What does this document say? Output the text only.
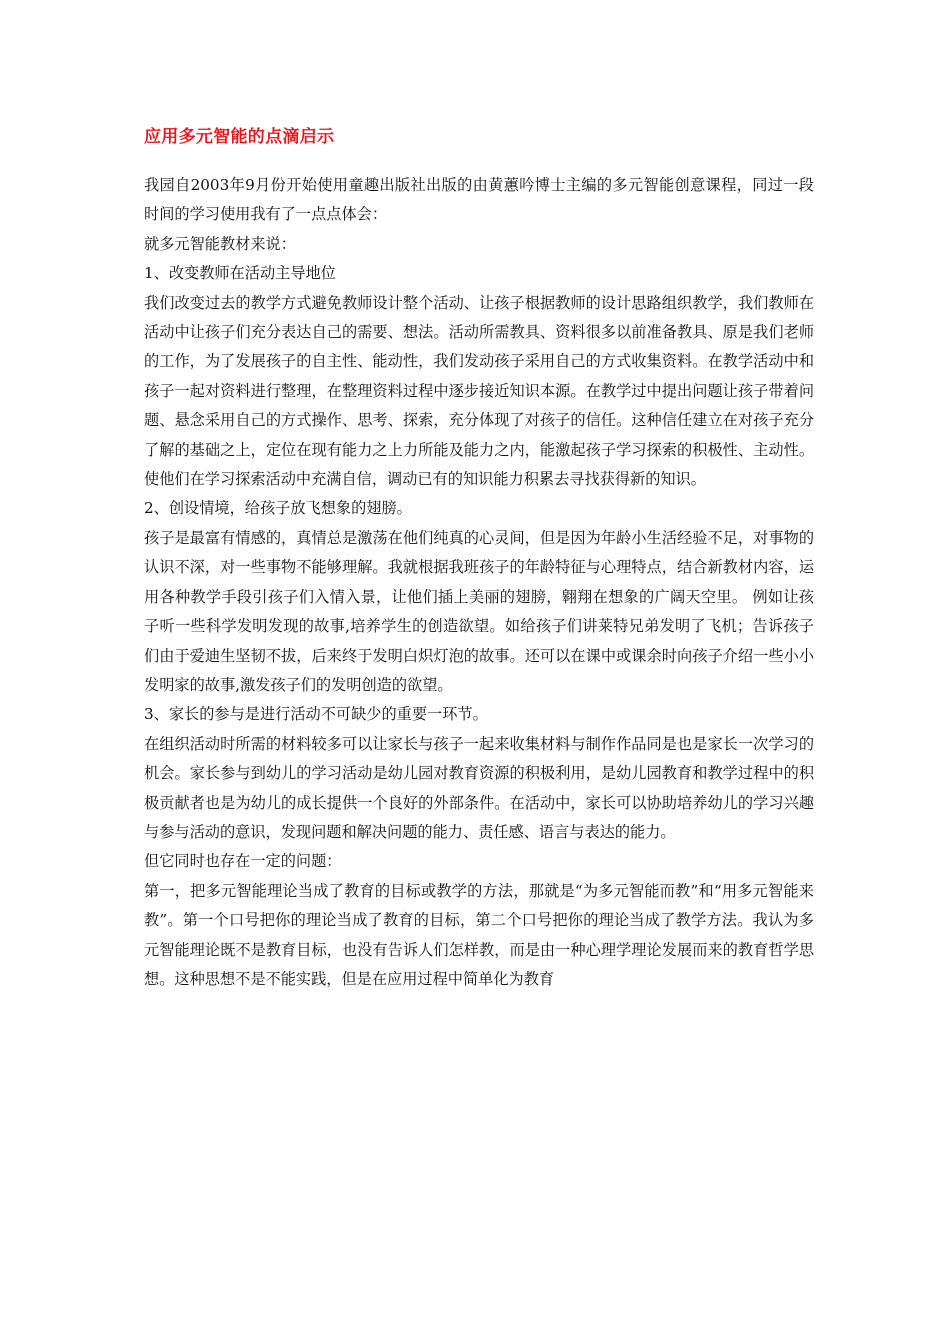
应用多元智能的点滴启示

我园自2003年9月份开始使用童趣出版社出版的由黄蕙吟博士主编的多元智能创意课程，同过一段时间的学习使用我有了一点点体会：

就多元智能教材来说：

1、改变教师在活动主导地位

我们改变过去的教学方式避免教师设计整个活动、让孩子根据教师的设计思路组织教学，我们教师在活动中让孩子们充分表达自己的需要、想法。活动所需教具、资料很多以前准备教具、原是我们老师的工作，为了发展孩子的自主性、能动性，我们发动孩子采用自己的方式收集资料。在教学活动中和孩子一起对资料进行整理，在整理资料过程中逐步接近知识本源。在教学过中提出问题让孩子带着问题、悬念采用自己的方式操作、思考、探索，充分体现了对孩子的信任。这种信任建立在对孩子充分了解的基础之上，定位在现有能力之上力所能及能力之内，能激起孩子学习探索的积极性、主动性。使他们在学习探索活动中充满自信，调动已有的知识能力积累去寻找获得新的知识。

2、创设情境，给孩子放飞想象的翅膀。

孩子是最富有情感的，真情总是激荡在他们纯真的心灵间，但是因为年龄小生活经验不足，对事物的认识不深，对一些事物不能够理解。我就根据我班孩子的年龄特征与心理特点，结合新教材内容，运用各种教学手段引孩子们入情入景，让他们插上美丽的翅膀，翱翔在想象的广阔天空里。 例如让孩子听一些科学发明发现的故事,培养学生的创造欲望。如给孩子们讲莱特兄弟发明了飞机；告诉孩子们由于爱迪生坚韧不拔，后来终于发明白炽灯泡的故事。还可以在课中或课余时向孩子介绍一些小小发明家的故事,激发孩子们的发明创造的欲望。

3、家长的参与是进行活动不可缺少的重要一环节。

在组织活动时所需的材料较多可以让家长与孩子一起来收集材料与制作作品同是也是家长一次学习的机会。家长参与到幼儿的学习活动是幼儿园对教育资源的积极利用，是幼儿园教育和教学过程中的积极贡献者也是为幼儿的成长提供一个良好的外部条件。在活动中，家长可以协助培养幼儿的学习兴趣与参与活动的意识，发现问题和解决问题的能力、责任感、语言与表达的能力。

但它同时也存在一定的问题：

第一，把多元智能理论当成了教育的目标或教学的方法，那就是“为多元智能而教”和“用多元智能来教”。第一个口号把你的理论当成了教育的目标，第二个口号把你的理论当成了教学方法。我认为多元智能理论既不是教育目标，也没有告诉人们怎样教，而是由一种心理学理论发展而来的教育哲学思想。这种思想不是不能实践，但是在应用过程中简单化为教育
